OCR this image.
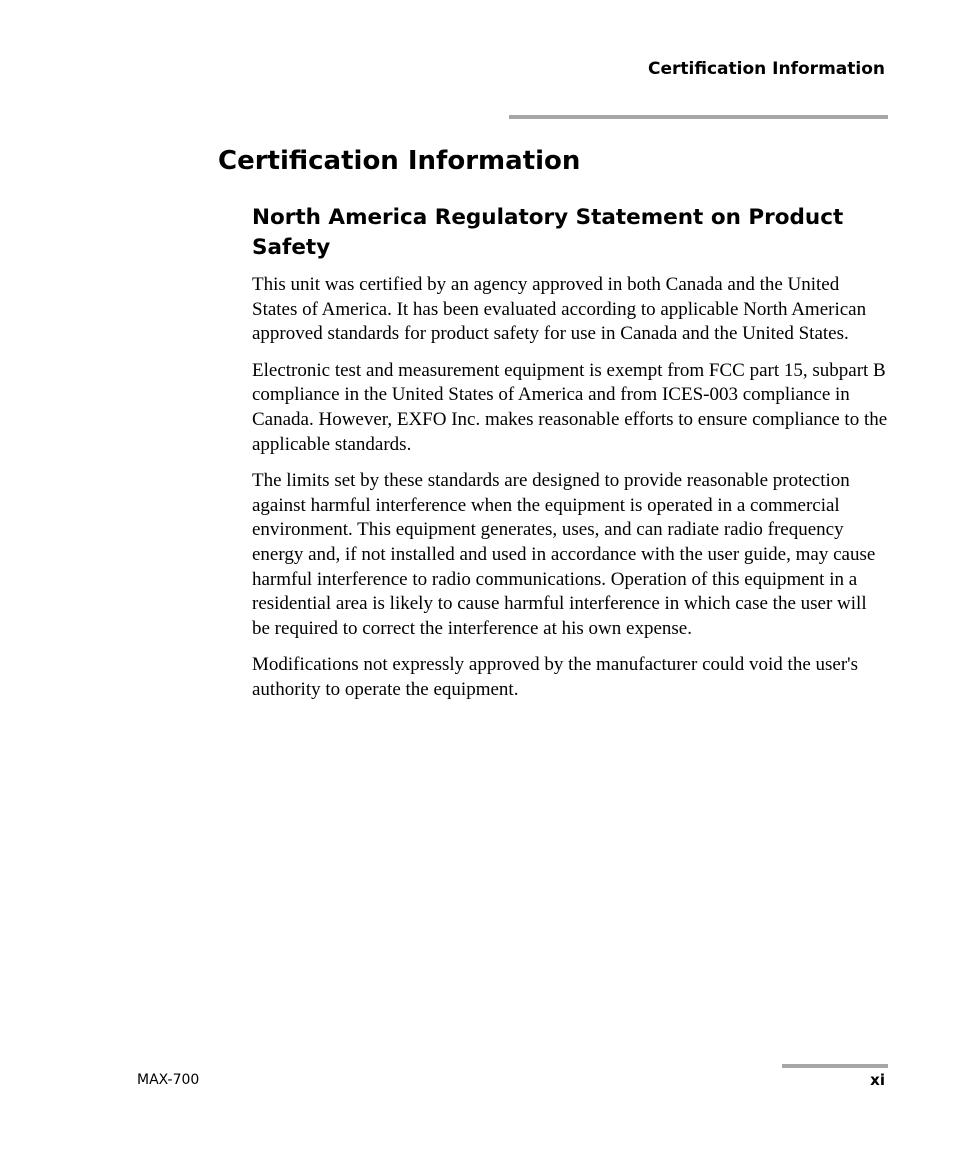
Certification Information
Certification Information
North America Regulatory Statement on Product Safety

This unit was certified by an agency approved in both Canada and the United States of America. It has been evaluated according to applicable North American approved standards for product safety for use in Canada and the United States.

Electronic test and measurement equipment is exempt from FCC part 15, subpart B compliance in the United States of America and from ICES-003 compliance in Canada. However, EXFO Inc. makes reasonable efforts to ensure compliance to the applicable standards.

The limits set by these standards are designed to provide reasonable protection against harmful interference when the equipment is operated in a commercial environment. This equipment generates, uses, and can radiate radio frequency energy and, if not installed and used in accordance with the user guide, may cause harmful interference to radio communications. Operation of this equipment in a residential area is likely to cause harmful interference in which case the user will be required to correct the interference at his own expense.

Modifications not expressly approved by the manufacturer could void the user's authority to operate the equipment.

MAX-700	xi
